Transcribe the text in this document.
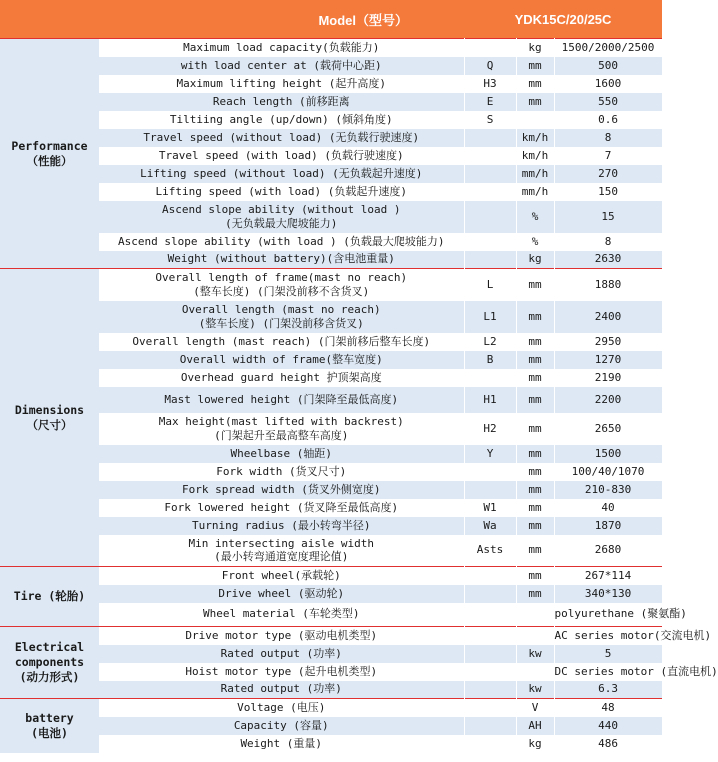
Model（型号）		YDK15C/20/25C		

Performance
（性能）	Maximum load capacity(负载能力)		kg	1500/2000/2500

	with load center at (载荷中心距)	Q	mm	500

	Maximum lifting height (起升高度)	H3	mm	1600

	Reach length (前移距离	E	mm	550

	Tiltiing angle (up/down) (倾斜角度)	S		0.6

	Travel speed (without load) (无负载行驶速度)		km/h	8

	Travel speed (with load) (负载行驶速度)		km/h	7

	Lifting speed (without load) (无负载起升速度)		mm/h	270

	Lifting speed (with load) (负载起升速度)		mm/h	150

	Ascend slope ability (without load )
(无负载最大爬坡能力)		%	15

	Ascend slope ability (with load ) (负载最大爬坡能力)		%	8

	Weight (without battery)(含电池重量)		kg	2630

Dimensions
（尺寸）	Overall length of frame(mast no reach)
(整车长度) (门架没前移不含货叉)	L	mm	1880

	Overall length (mast no reach)
(整车长度) (门架没前移含货叉)	L1	mm	2400

	Overall length (mast reach) (门架前移后整车长度)	L2	mm	2950

	Overall width of frame(整车宽度)	B	mm	1270

	Overhead guard height 护顶架高度		mm	2190

	Mast lowered height (门架降至最低高度)	H1	mm	2200

	Max height(mast lifted with backrest)
(门架起升至最高整车高度)	H2	mm	2650

	Wheelbase (轴距)	Y	mm	1500

	Fork width (货叉尺寸)		mm	100/40/1070

	Fork spread width (货叉外侧宽度)		mm	210-830

	Fork lowered height (货叉降至最低高度)	W1	mm	40

	Turning radius (最小转弯半径)	Wa	mm	1870

	Min intersecting aisle width
(最小转弯通道宽度理论值)	Asts	mm	2680

Tire (轮胎)	Front wheel(承载轮)		mm	267*114

	Drive wheel (驱动轮)		mm	340*130

	Wheel material (车轮类型)			polyurethane (聚氨酯)

Electrical
components
(动力形式)	Drive motor type (驱动电机类型)			AC series motor(交流电机)

	Rated output (功率)		kw	5

	Hoist motor type (起升电机类型)			DC series motor (直流电机)

	Rated output (功率)		kw	6.3

battery
(电池)	Voltage (电压)		V	48

	Capacity (容量)		AH	440

	Weight (重量)		kg	486
